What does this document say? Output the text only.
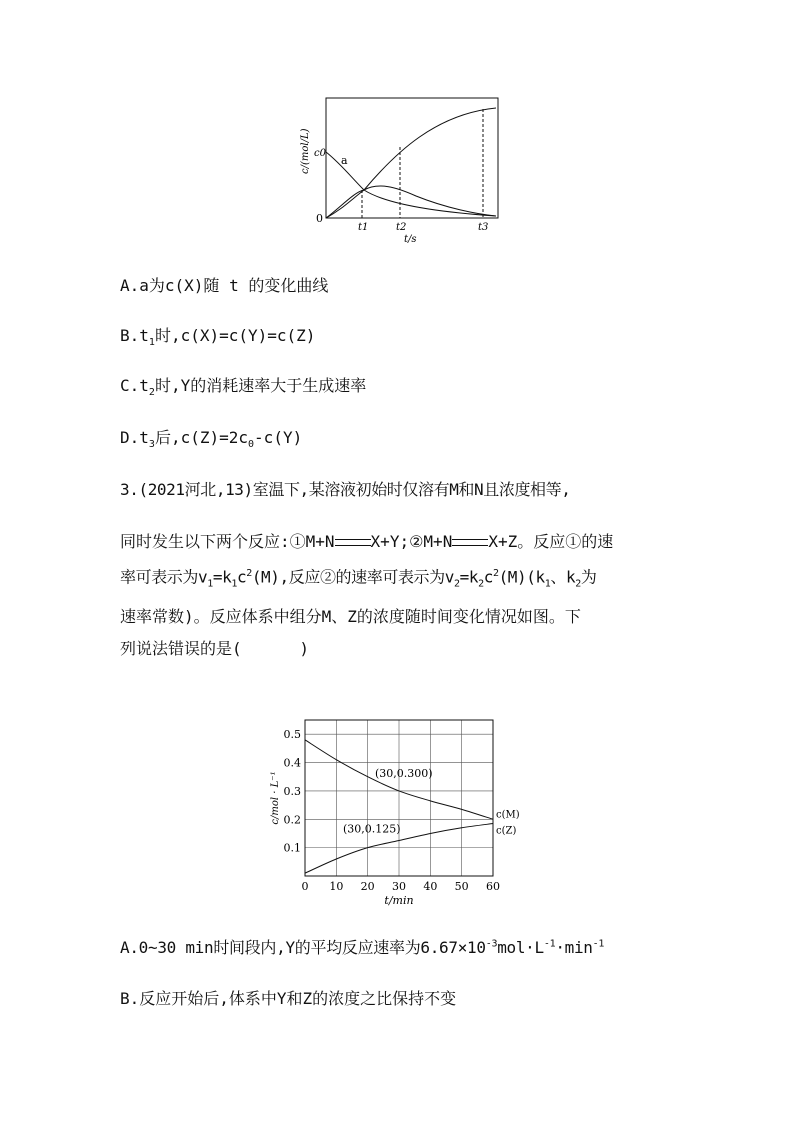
c/(mol/L) c0
0
a
t1	t2	t3
t/s
A.a为c(X)随 t 的变化曲线
$B.t_1$时,c(X)=c(Y)=c(Z)
$C.t_2$时,Y的消耗速率大于生成速率
$D.t_3$后$,c(Z)=2c_0-c(Y)$
3.(2021河北,13)室温下,某溶液初始时仅溶有M和N且浓度相等,
同时发生以下两个反应:①M+N X+Y;②M+N X+Z。反应①的速
率可表示为$v_1=k_1c^2(M)$,反应②的速率可表示为$v_2=k_2c^2(M)(k_1$、$k_2$为
速率常数)。反应体系中组分M、Z的浓度随时间变化情况如图。下
列说法错误的是(      )
0 10 20 30 40 50 60
0.1
0.2
0.3
0.4
0.5
t/min
c/mol · L⁻¹	c(M)
c(Z)
(30,0.300)
(30,0.125)
A.0~30 min时间段内,Y的平均反应速率为$6.67\times 10^{-3}mol\cdot L^{-1}\cdot\min^{-1}$
B.反应开始后,体系中Y和Z的浓度之比保持不变
